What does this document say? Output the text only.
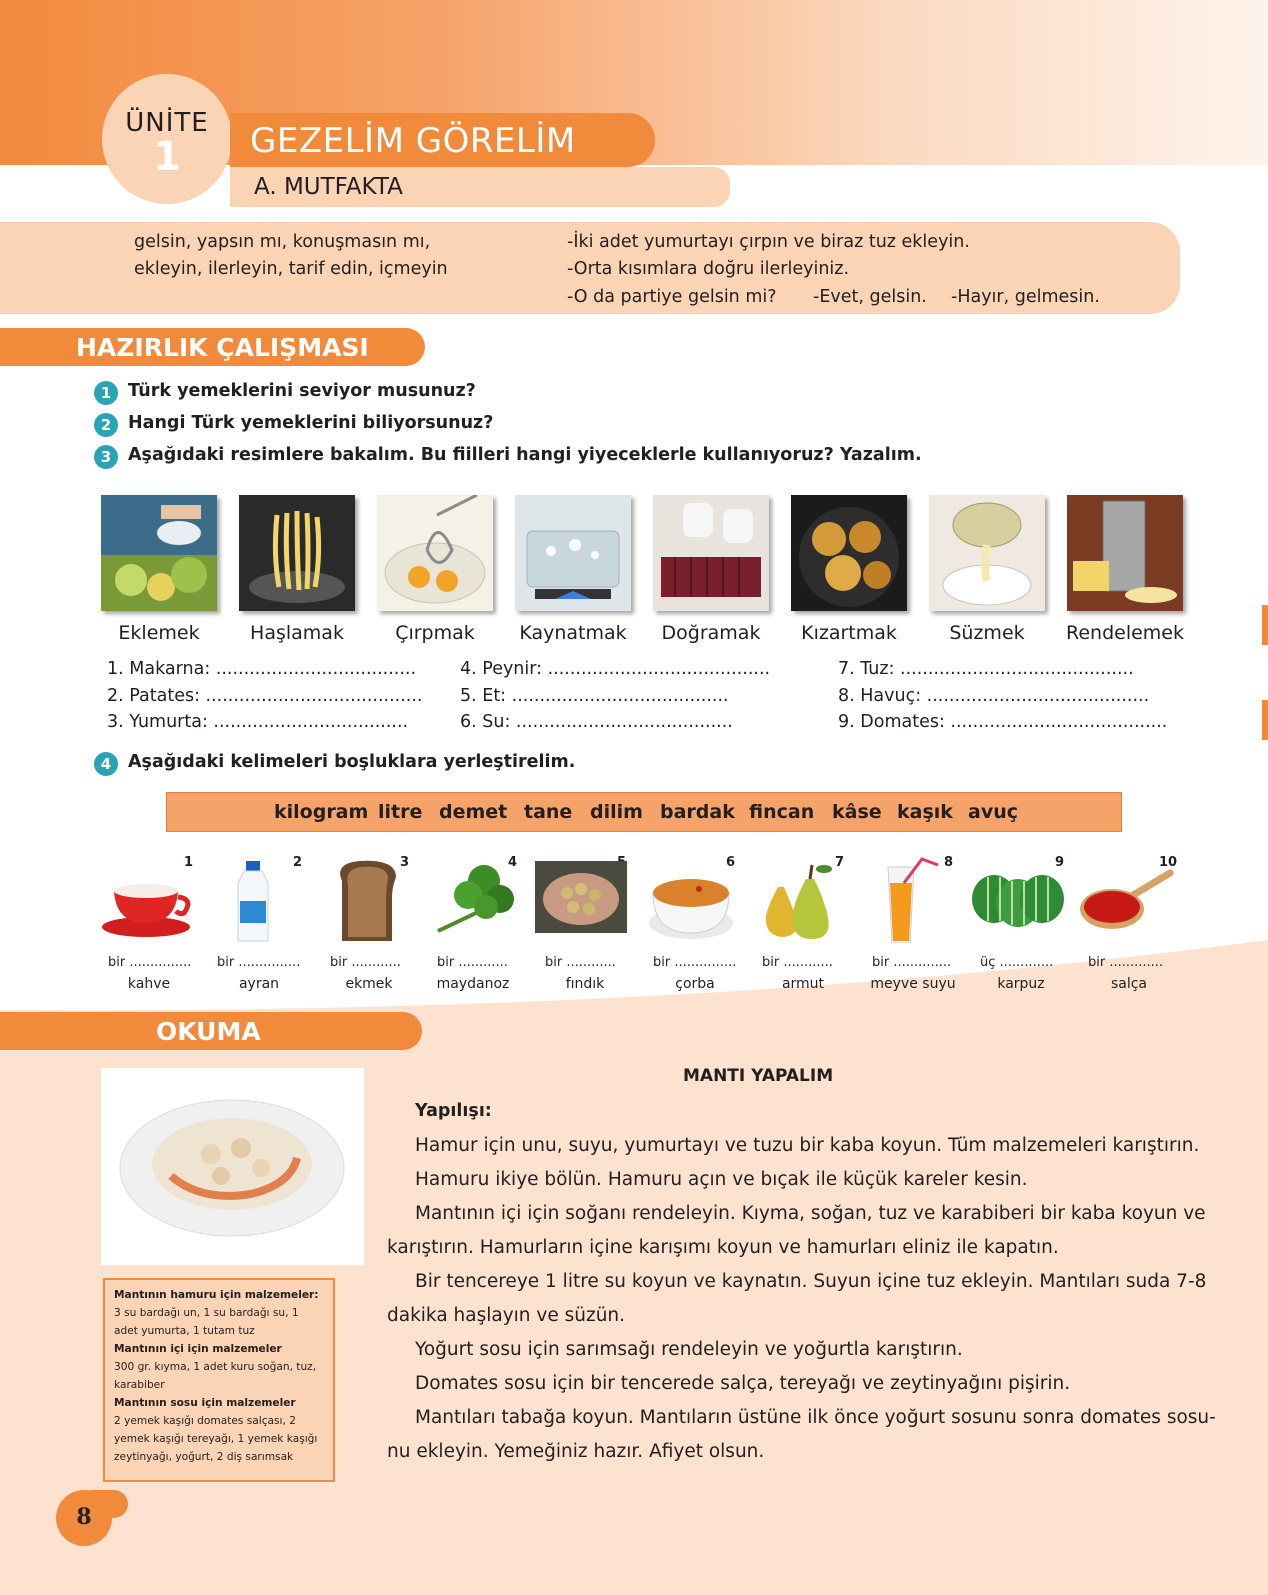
ÜNİTE
1	GEZELİM GÖRELİM
A. MUTFAKTA
gelsin, yapsın mı, konuşmasın mı,
ekleyin, ilerleyin, tarif edin, içmeyin
-İki adet yumurtayı çırpın ve biraz tuz ekleyin.
-Orta kısımlara doğru ilerleyiniz.
-O da partiye gelsin mi? -Evet, gelsin. -Hayır, gelmesin.
HAZIRLIK ÇALIŞMASI
1 Türk yemeklerini seviyor musunuz?
2 Hangi Türk yemeklerini biliyorsunuz?
3 Aşağıdaki resimlere bakalım. Bu fiilleri hangi yiyeceklerle kullanıyoruz? Yazalım.
Eklemek	Haşlamak	Çırpmak	Kaynatmak	Doğramak	Kızartmak	Süzmek	Rendelemek
1. Makarna: ....................................
2. Patates: .......................................
3. Yumurta: ...................................
4. Peynir: ........................................
5. Et: .......................................
6. Su: .......................................
7. Tuz: ..........................................
8. Havuç: ........................................
9. Domates: .......................................
4 Aşağıdaki kelimeleri boşluklara yerleştirelim.
kilogram litre demet tane dilim bardak fincan kâse kaşık avuç
1
bir ...............
kahve
2
bir ...............
ayran
3
bir ............
ekmek
4
bir ............
maydanoz
bir ............
fındık
6
bir ...............
çorba
7
bir ............
armut
8
bir ..............
meyve suyu
9
üç .............
karpuz
10
bir .............
salça
OKUMA
Mantının hamuru için malzemeler:
3 su bardağı un, 1 su bardağı su, 1
adet yumurta, 1 tutam tuz
Mantının içi için malzemeler
300 gr. kıyma, 1 adet kuru soğan, tuz,
karabiber
Mantının sosu için malzemeler
2 yemek kaşığı domates salçası, 2
yemek kaşığı tereyağı, 1 yemek kaşığı
zeytinyağı, yoğurt, 2 diş sarımsak
MANTI YAPALIM
Yapılışı:
Hamur için unu, suyu, yumurtayı ve tuzu bir kaba koyun. Tüm malzemeleri karıştırın.
Hamuru ikiye bölün. Hamuru açın ve bıçak ile küçük kareler kesin.
Mantının içi için soğanı rendeleyin. Kıyma, soğan, tuz ve karabiberi bir kaba koyun ve
karıştırın. Hamurların içine karışımı koyun ve hamurları eliniz ile kapatın.
Bir tencereye 1 litre su koyun ve kaynatın. Suyun içine tuz ekleyin. Mantıları suda 7-8
dakika haşlayın ve süzün.
Yoğurt sosu için sarımsağı rendeleyin ve yoğurtla karıştırın.
Domates sosu için bir tencerede salça, tereyağı ve zeytinyağını pişirin.
Mantıları tabağa koyun. Mantıların üstüne ilk önce yoğurt sosunu sonra domates sosu-
nu ekleyin. Yemeğiniz hazır. Afiyet olsun.
8
